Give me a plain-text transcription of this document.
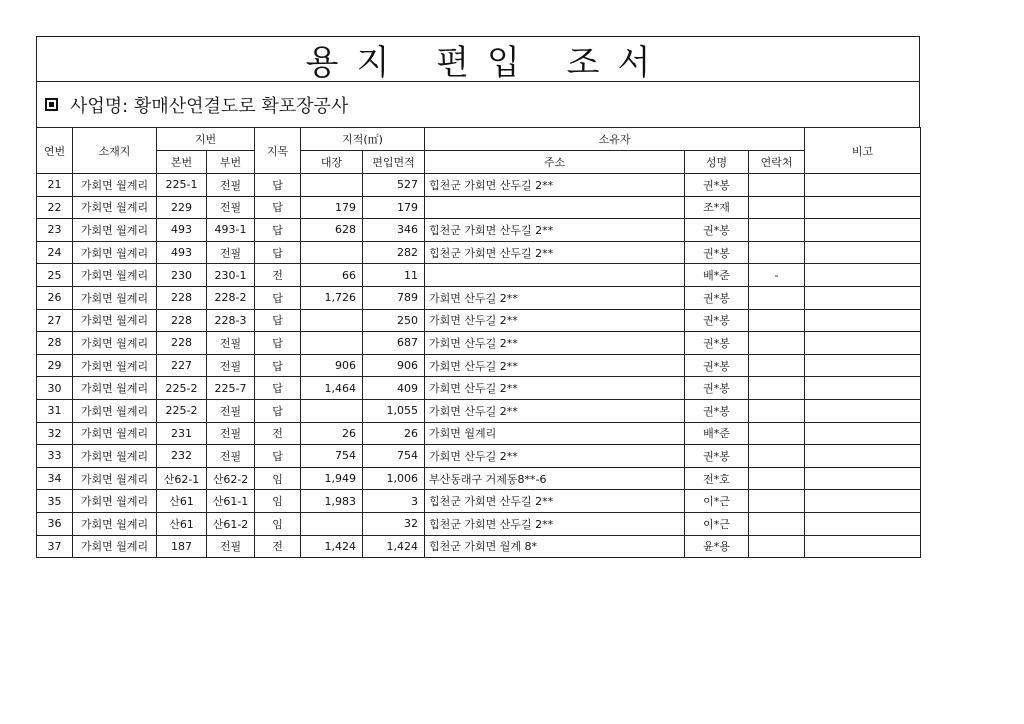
용지 편입 조서
사업명: 황매산연결도로 확포장공사
연번	소재지	지번		지목	지적(㎡)		소유자			비고
		본번	부번		대장	편입면적	주소	성명	연락처	
21	가회면 월계리	225-1	전필	답		527	힙천군 가회면 산두길 2**	권*봉		
22	가회면 월계리	229	전필	답	179	179		조*재		
23	가회면 월계리	493	493-1	답	628	346	힙천군 가회면 산두길 2**	권*봉		
24	가회면 월계리	493	전필	답		282	힙천군 가회면 산두길 2**	권*봉		
25	가회면 월계리	230	230-1	전	66	11		배*준	-	
26	가회면 월계리	228	228-2	답	1,726	789	가회면 산두길 2**	권*봉		
27	가회면 월계리	228	228-3	답		250	가회면 산두길 2**	권*봉		
28	가회면 월계리	228	전필	답		687	가회면 산두길 2**	권*봉		
29	가회면 월계리	227	전필	답	906	906	가회면 산두길 2**	권*봉		
30	가회면 월계리	225-2	225-7	답	1,464	409	가회면 산두길 2**	권*봉		
31	가회면 월계리	225-2	전필	답		1,055	가회면 산두길 2**	권*봉		
32	가회면 월계리	231	전필	전	26	26	가회면 월계리	배*준		
33	가회면 월계리	232	전필	답	754	754	가회면 산두길 2**	권*봉		
34	가회면 월계리	산62-1	산62-2	임	1,949	1,006	부산동래구 거제동8**-6	전*호		
35	가회면 월계리	산61	산61-1	임	1,983	3	힙천군 가회면 산두길 2**	이*근		
36	가회면 월계리	산61	산61-2	임		32	힙천군 가회면 산두길 2**	이*근		
37	가회면 월계리	187	전필	전	1,424	1,424	힙천군 가회면 월계 8*	윤*용		
